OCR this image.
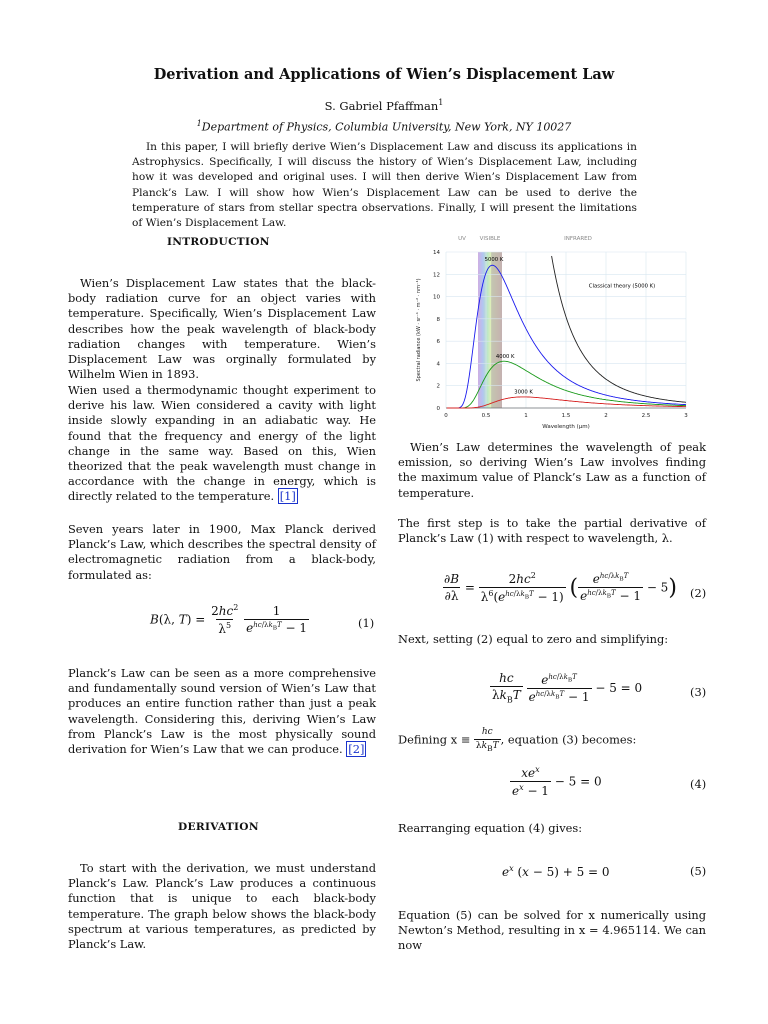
Derivation and Applications of Wien’s Displacement Law
S. Gabriel Pfaffman$^1$
$^1$Department of Physics, Columbia University, New York, NY 10027
In this paper, I will briefly derive Wien’s Displacement Law and discuss its applications in Astrophysics. Specifically, I will discuss the history of Wien’s Displacement Law, including how it was developed and original uses. I will then derive Wien’s Displacement Law from Planck’s Law. I will show how Wien’s Displacement Law can be used to derive the temperature of stars from stellar spectra observations. Finally, I will present the limitations of Wien’s Displacement Law.
INTRODUCTION
Wien’s Displacement Law states that the black-body radiation curve for an object varies with temperature. Specifically, Wien’s Displacement Law describes how the peak wavelength of black-body radiation changes with temperature. Wien’s Displacement Law was orginally formulated by Wilhelm Wien in 1893.
Wien used a thermodynamic thought experiment to derive his law. Wien considered a cavity with light inside slowly expanding in an adiabatic way. He found that the frequency and energy of the light change in the same way. Based on this, Wien theorized that the peak wavelength must change in accordance with the change in energy, which is directly related to the temperature. [1]
Seven years later in 1900, Max Planck derived Planck’s Law, which describes the spectral density of electromagnetic radiation from a black-body, formulated as:
B(λ, $T) = \frac{2hc^2}{\lambda^5}$
$\frac{1}{e^{hc/\lambda k_BT} - 1}$	(1)
Planck’s Law can be seen as a more comprehensive and fundamentally sound version of Wien’s Law that produces an entire function rather than just a peak wavelength. Considering this, deriving Wien’s Law from Planck’s Law is the most physically sound derivation for Wien’s Law that we can produce. [2]
DERIVATION
To start with the derivation, we must understand Planck’s Law. Planck’s Law produces a continuous function that is unique to each black-body temperature. The graph below shows the black-body spectrum at various temperatures, as predicted by Planck’s Law.
0
2
4
6
8
10
12
14
0	0.5	1	1.5	2	2.5	3
Wavelength (μm)
Spectral radiance (kW · sr⁻¹ · m⁻² · nm⁻¹)
UV VISIBLE	INFRARED
5000 K
4000 K
3000 K
Classical theory (5000 K)
Wien’s Law determines the wavelength of peak emission, so deriving Wien’s Law involves finding the maximum value of Planck’s Law as a function of temperature.
The first step is to take the partial derivative of Planck’s Law (1) with respect to wavelength, λ.
$\frac{\partial B}{\partial\lambda} = \frac{2hc^2}{\lambda^6(e^{hc/\lambda k_BT} - 1)}$ ( $\frac{e^{hc/\lambda k_BT}}{e^{hc/\lambda k_BT} - 1} - 5$) (2)
Next, setting (2) equal to zero and simplifying:
$\frac{hc}{\lambda k_BT}$
$\frac{e^{hc/\lambda k_BT}}{e^{hc/\lambda k_BT} - 1} - 5 = 0$	(3)
Defining $x \equiv \frac{hc}{\lambda k_BT}$ , equation (3) becomes:
$\frac{xe^x}{e^x - 1} - 5 = 0$	(4)
Rearranging equation (4) gives:
$e^x$ (x − 5) + 5 = 0	(5)
Equation (5) can be solved for x numerically using Newton’s Method, resulting in x = 4.965114. We can now
